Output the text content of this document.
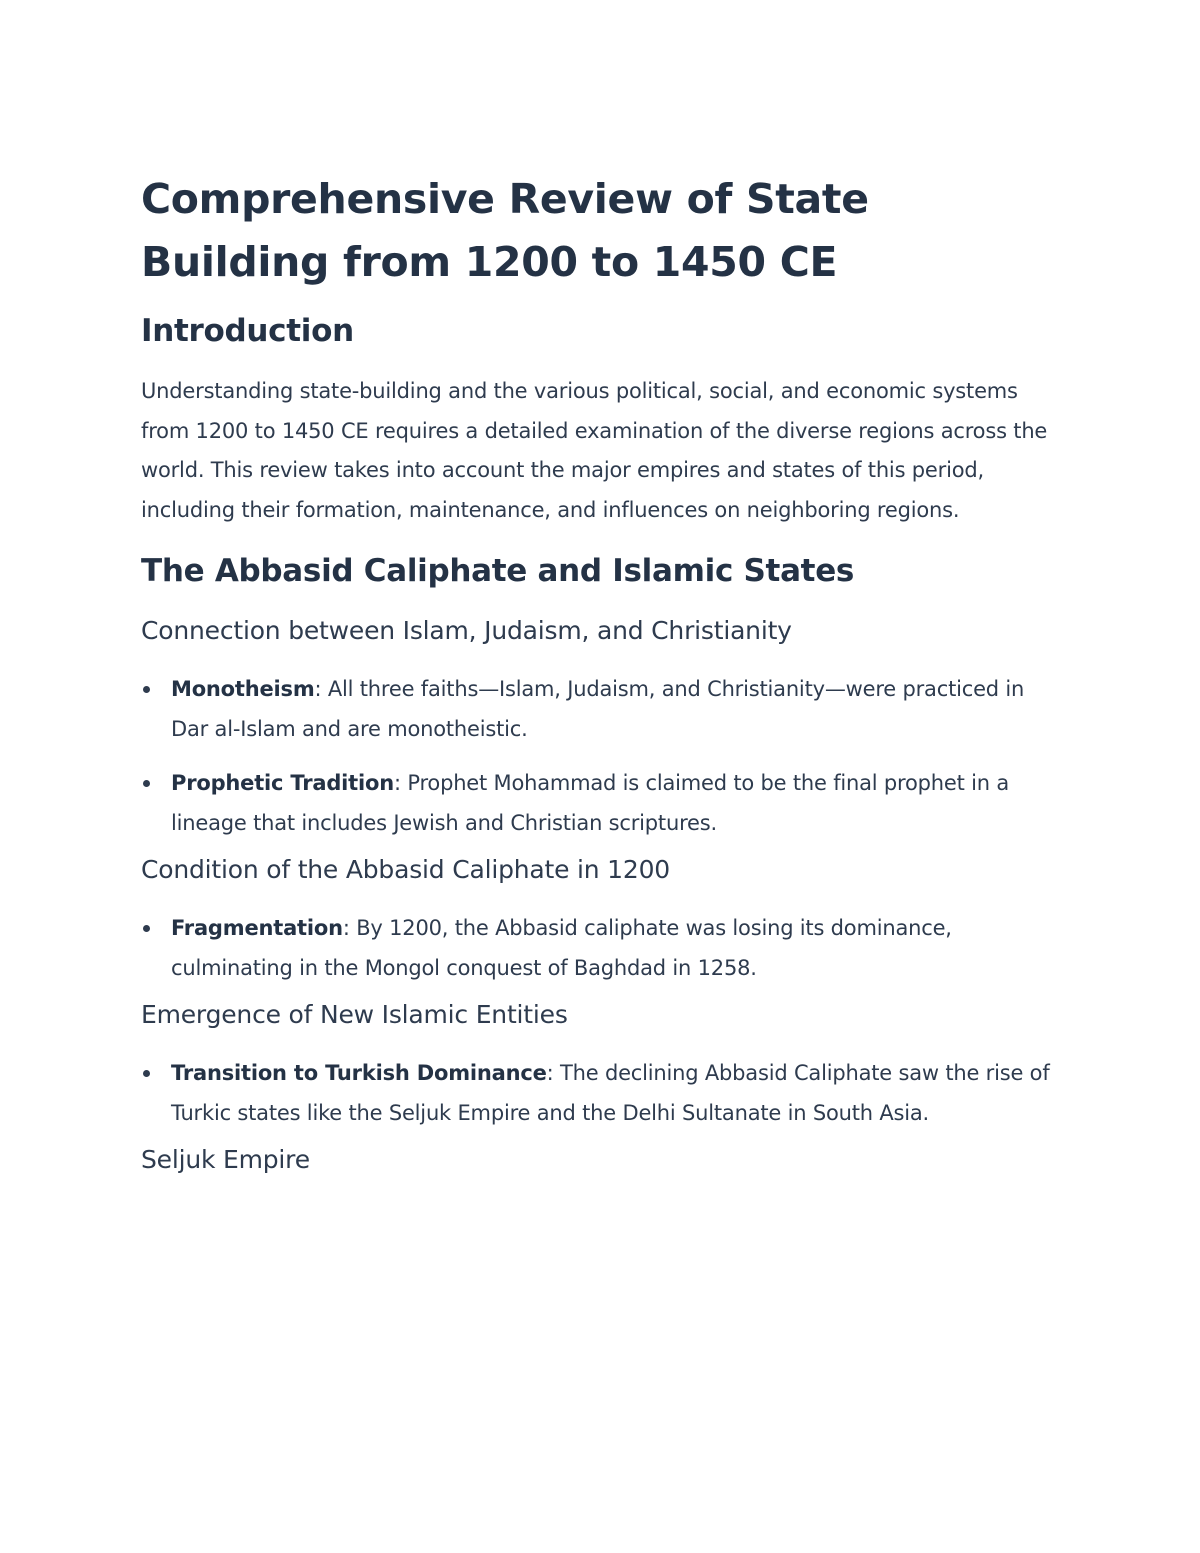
Comprehensive Review of State Building from 1200 to 1450 CE
Introduction

Understanding state-building and the various political, social, and economic systems from 1200 to 1450 CE requires a detailed examination of the diverse regions across the world. This review takes into account the major empires and states of this period, including their formation, maintenance, and influences on neighboring regions.

The Abbasid Caliphate and Islamic States
Connection between Islam, Judaism, and Christianity
Monotheism: All three faiths—Islam, Judaism, and Christianity—were practiced in Dar al-Islam and are monotheistic.
Prophetic Tradition: Prophet Mohammad is claimed to be the final prophet in a lineage that includes Jewish and Christian scriptures.
Condition of the Abbasid Caliphate in 1200
Fragmentation: By 1200, the Abbasid caliphate was losing its dominance, culminating in the Mongol conquest of Baghdad in 1258.
Emergence of New Islamic Entities
Transition to Turkish Dominance: The declining Abbasid Caliphate saw the rise of Turkic states like the Seljuk Empire and the Delhi Sultanate in South Asia.
Seljuk Empire
